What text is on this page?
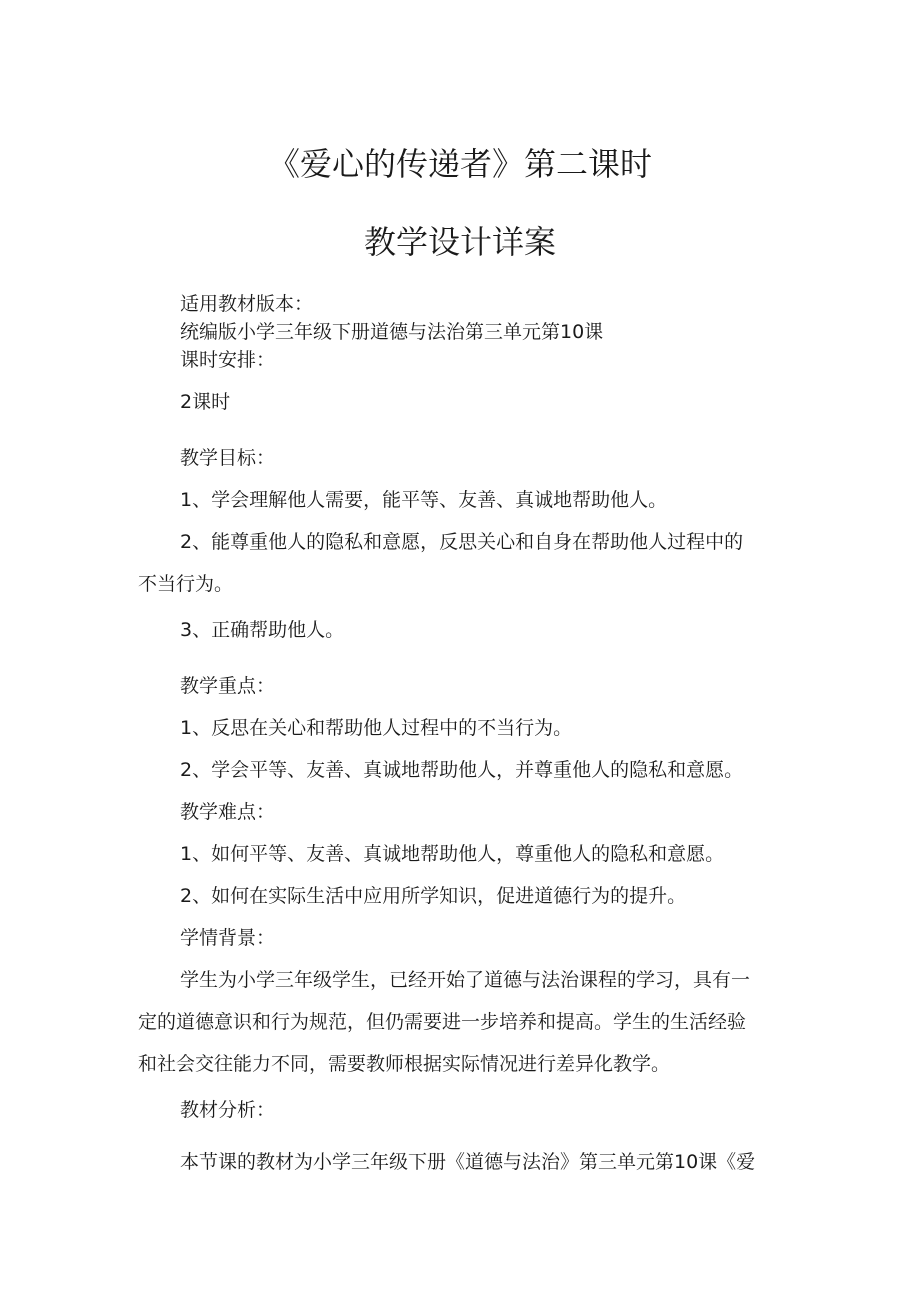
《爱心的传递者》第二课时
教学设计详案
适用教材版本：
统编版小学三年级下册道德与法治第三单元第10课
课时安排：
2课时
教学目标：
1、学会理解他人需要，能平等、友善、真诚地帮助他人。
2、能尊重他人的隐私和意愿，反思关心和自身在帮助他人过程中的
不当行为。
3、正确帮助他人。
教学重点：
1、反思在关心和帮助他人过程中的不当行为。
2、学会平等、友善、真诚地帮助他人，并尊重他人的隐私和意愿。
教学难点：
1、如何平等、友善、真诚地帮助他人，尊重他人的隐私和意愿。
2、如何在实际生活中应用所学知识，促进道德行为的提升。
学情背景：
学生为小学三年级学生，已经开始了道德与法治课程的学习，具有一
定的道德意识和行为规范，但仍需要进一步培养和提高。学生的生活经验
和社会交往能力不同，需要教师根据实际情况进行差异化教学。
教材分析：
本节课的教材为小学三年级下册《道德与法治》第三单元第10课《爱
